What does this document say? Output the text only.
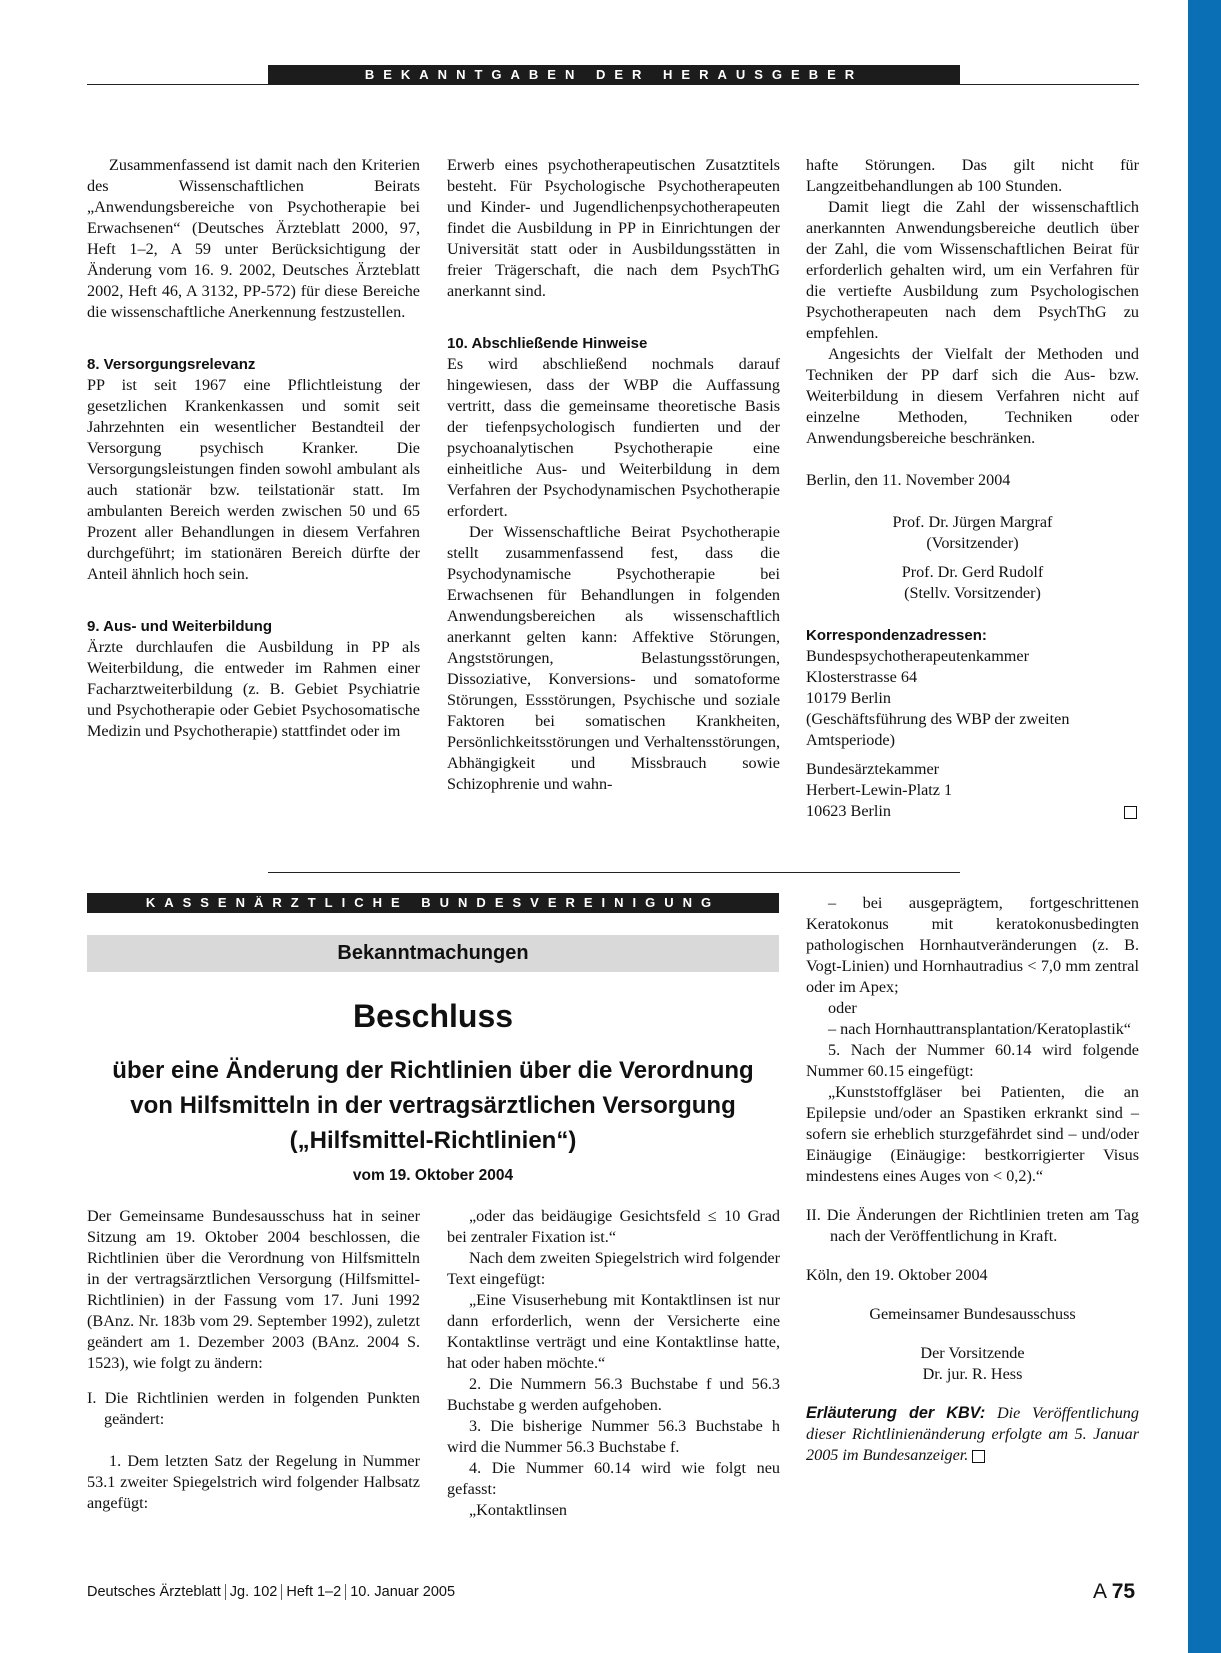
BEKANNTGABEN DER HERAUSGEBER

Zusammenfassend ist damit nach den Kriterien des Wissenschaftlichen Beirats „Anwendungsbereiche von Psychotherapie bei Erwachsenen“ (Deutsches Ärzteblatt 2000, 97, Heft 1–2, A 59 unter Berücksichtigung der Änderung vom 16. 9. 2002, Deutsches Ärzteblatt 2002, Heft 46, A 3132, PP-572) für diese Bereiche die wissenschaftliche Anerkennung festzustellen.

8. Versorgungsrelevanz

PP ist seit 1967 eine Pflichtleistung der gesetzlichen Krankenkassen und somit seit Jahrzehnten ein wesentlicher Bestandteil der Versorgung psychisch Kranker. Die Versorgungsleistungen finden sowohl ambulant als auch stationär bzw. teilstationär statt. Im ambulanten Bereich werden zwischen 50 und 65 Prozent aller Behandlungen in diesem Verfahren durchgeführt; im stationären Bereich dürfte der Anteil ähnlich hoch sein.

9. Aus- und Weiterbildung

Ärzte durchlaufen die Ausbildung in PP als Weiterbildung, die entweder im Rahmen einer Facharztweiterbildung (z. B. Gebiet Psychiatrie und Psychotherapie oder Gebiet Psychosomatische Medizin und Psychotherapie) stattfindet oder im

Erwerb eines psychotherapeutischen Zusatztitels besteht. Für Psychologische Psychotherapeuten und Kinder- und Jugendlichenpsychotherapeuten findet die Ausbildung in PP in Einrichtungen der Universität statt oder in Ausbildungsstätten in freier Trägerschaft, die nach dem PsychThG anerkannt sind.

10. Abschließende Hinweise

Es wird abschließend nochmals darauf hingewiesen, dass der WBP die Auffassung vertritt, dass die gemeinsame theoretische Basis der tiefenpsychologisch fundierten und der psychoanalytischen Psychotherapie eine einheitliche Aus- und Weiterbildung in dem Verfahren der Psychodynamischen Psychotherapie erfordert.

Der Wissenschaftliche Beirat Psychotherapie stellt zusammenfassend fest, dass die Psychodynamische Psychotherapie bei Erwachsenen für Behandlungen in folgenden Anwendungsbereichen als wissenschaftlich anerkannt gelten kann: Affektive Störungen, Angststörungen, Belastungsstörungen, Dissoziative, Konversions- und somatoforme Störungen, Essstörungen, Psychische und soziale Faktoren bei somatischen Krankheiten, Persönlichkeitsstörungen und Verhaltensstörungen, Abhängigkeit und Missbrauch sowie Schizophrenie und wahn-

hafte Störungen. Das gilt nicht für Langzeitbehandlungen ab 100 Stunden.

Damit liegt die Zahl der wissenschaftlich anerkannten Anwendungsbereiche deutlich über der Zahl, die vom Wissenschaftlichen Beirat für erforderlich gehalten wird, um ein Verfahren für die vertiefte Ausbildung zum Psychologischen Psychotherapeuten nach dem PsychThG zu empfehlen.

Angesichts der Vielfalt der Methoden und Techniken der PP darf sich die Aus- bzw. Weiterbildung in diesem Verfahren nicht auf einzelne Methoden, Techniken oder Anwendungsbereiche beschränken.

Berlin, den 11. November 2004

Prof. Dr. Jürgen Margraf

(Vorsitzender)

Prof. Dr. Gerd Rudolf

(Stellv. Vorsitzender)

Korrespondenzadressen:

Bundespsychotherapeutenkammer

Klosterstrasse 64

10179 Berlin

(Geschäftsführung des WBP der zweiten Amtsperiode)

Bundesärztekammer

Herbert-Lewin-Platz 1

10623 Berlin

KASSENÄRZTLICHE BUNDESVEREINIGUNG
Bekanntmachungen
Beschluss
über eine Änderung der Richtlinien über die Verordnung
von Hilfsmitteln in der vertragsärztlichen Versorgung
(„Hilfsmittel-Richtlinien“)
vom 19. Oktober 2004

Der Gemeinsame Bundesausschuss hat in seiner Sitzung am 19. Oktober 2004 beschlossen, die Richtlinien über die Verordnung von Hilfsmitteln in der vertragsärztlichen Versorgung (Hilfsmittel-Richtlinien) in der Fassung vom 17. Juni 1992 (BAnz. Nr. 183b vom 29. September 1992), zuletzt geändert am 1. Dezember 2003 (BAnz. 2004 S. 1523), wie folgt zu ändern:

I. Die Richtlinien werden in folgenden Punkten geändert:

1. Dem letzten Satz der Regelung in Nummer 53.1 zweiter Spiegelstrich wird folgender Halbsatz angefügt:

„oder das beidäugige Gesichtsfeld ≤ 10 Grad bei zentraler Fixation ist.“

Nach dem zweiten Spiegelstrich wird folgender Text eingefügt:

„Eine Visuserhebung mit Kontaktlinsen ist nur dann erforderlich, wenn der Versicherte eine Kontaktlinse verträgt und eine Kontaktlinse hatte, hat oder haben möchte.“

2. Die Nummern 56.3 Buchstabe f und 56.3 Buchstabe g werden aufgehoben.

3. Die bisherige Nummer 56.3 Buchstabe h wird die Nummer 56.3 Buchstabe f.

4. Die Nummer 60.14 wird wie folgt neu gefasst:

„Kontaktlinsen

– bei ausgeprägtem, fortgeschrittenen Keratokonus mit keratokonusbedingten pathologischen Hornhautveränderungen (z. B. Vogt-Linien) und Hornhautradius < 7,0 mm zentral oder im Apex;

oder

– nach Hornhauttransplantation/Keratoplastik“

5. Nach der Nummer 60.14 wird folgende Nummer 60.15 eingefügt:

„Kunststoffgläser bei Patienten, die an Epilepsie und/oder an Spastiken erkrankt sind – sofern sie erheblich sturzgefährdet sind – und/oder Einäugige (Einäugige: bestkorrigierter Visus mindestens eines Auges von < 0,2).“

II. Die Änderungen der Richtlinien treten am Tag nach der Veröffentlichung in Kraft.

Köln, den 19. Oktober 2004

Gemeinsamer Bundesausschuss

Der Vorsitzende

Dr. jur. R. Hess

Erläuterung der KBV: Die Veröffentlichung dieser Richtlinienänderung erfolgte am 5. Januar 2005 im Bundesanzeiger.

Deutsches Ärzteblatt Jg. 102 Heft 1–2 10. Januar 2005	A 75
